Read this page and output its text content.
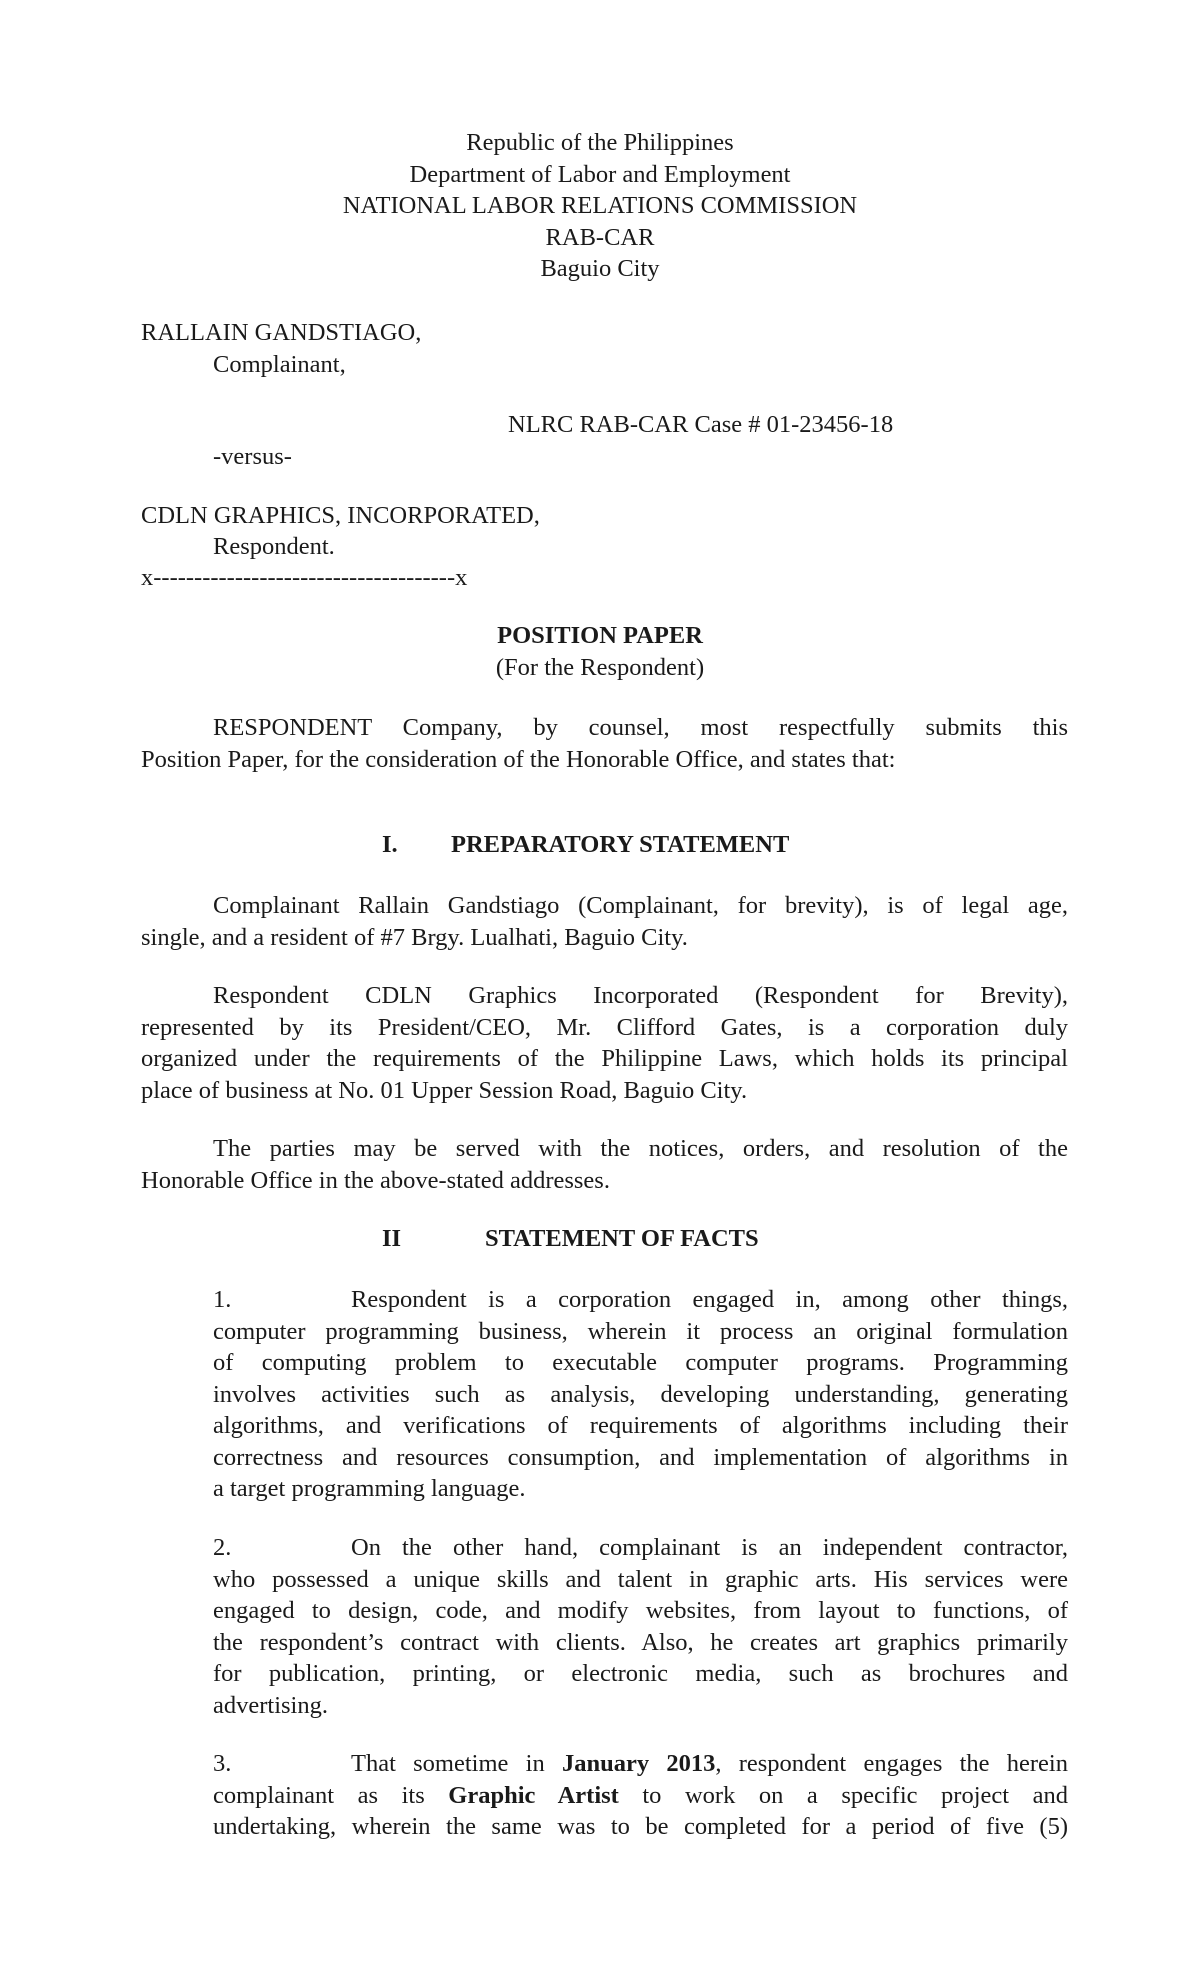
Republic of the Philippines
Department of Labor and Employment
NATIONAL LABOR RELATIONS COMMISSION
RAB-CAR
Baguio City
RALLAIN GANDSTIAGO,
Complainant,
NLRC RAB-CAR Case # 01-23456-18
-versus-
CDLN GRAPHICS, INCORPORATED,
Respondent.
x-------------------------------------x
POSITION PAPER
(For the Respondent)
RESPONDENT Company, by counsel, most respectfully submits this
Position Paper, for the consideration of the Honorable Office, and states that:
I. PREPARATORY STATEMENT
Complainant Rallain Gandstiago (Complainant, for brevity), is of legal age,
single, and a resident of #7 Brgy. Lualhati, Baguio City.
Respondent CDLN Graphics Incorporated (Respondent for Brevity),
represented by its President/CEO, Mr. Clifford Gates, is a corporation duly
organized under the requirements of the Philippine Laws, which holds its principal
place of business at No. 01 Upper Session Road, Baguio City.
The parties may be served with the notices, orders, and resolution of the
Honorable Office in the above-stated addresses.
II	STATEMENT OF FACTS
1.	Respondent is a corporation engaged in, among other things,
computer programming business, wherein it process an original formulation
of computing problem to executable computer programs. Programming
involves activities such as analysis, developing understanding, generating
algorithms, and verifications of requirements of algorithms including their
correctness and resources consumption, and implementation of algorithms in
a target programming language.
2.	On the other hand, complainant is an independent contractor,
who possessed a unique skills and talent in graphic arts. His services were
engaged to design, code, and modify websites, from layout to functions, of
the respondent’s contract with clients. Also, he creates art graphics primarily
for publication, printing, or electronic media, such as brochures and
advertising.
3.	That sometime in January 2013, respondent engages the herein
complainant as its Graphic Artist to work on a specific project and
undertaking, wherein the same was to be completed for a period of five (5)
